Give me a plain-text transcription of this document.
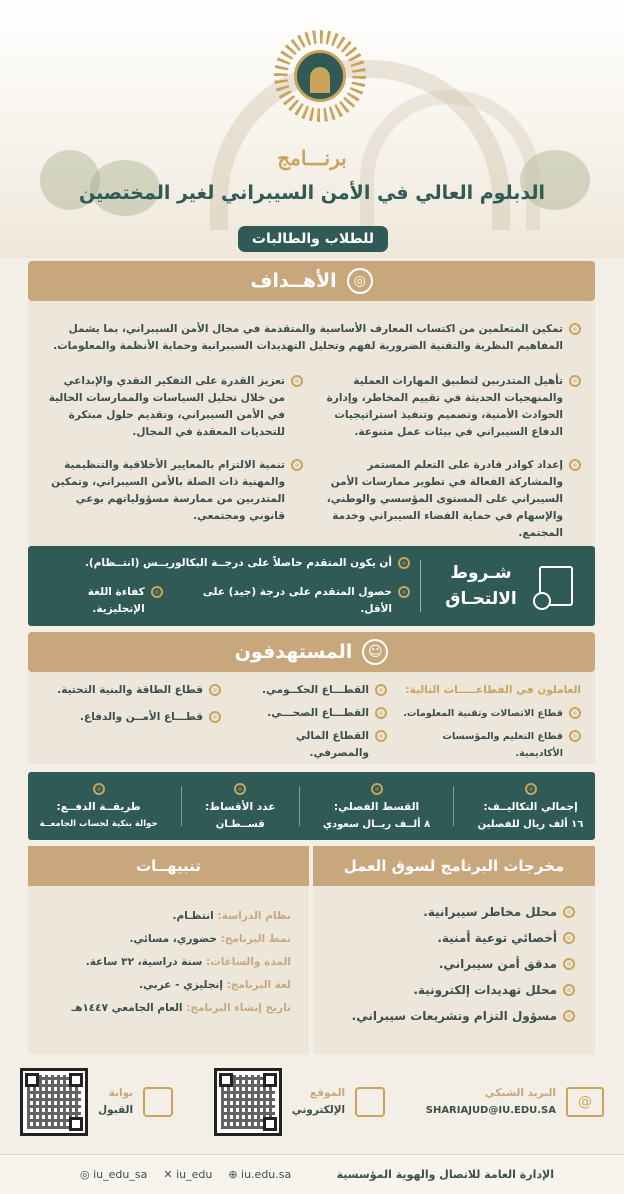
برنـــامج
الدبلوم العالي في الأمن السيبراني لغير المختصين
للطلاب والطالبات
◎
الأهــداف
تمكين المتعلمين من اكتساب المعارف الأساسية والمتقدمة في مجال الأمن السيبراني، بما يشمل المفاهيم النظرية والتقنية الضرورية لفهم وتحليل التهديدات السيبرانية وحماية الأنظمة والمعلومات.
تأهيل المتدربين لتطبيق المهارات العملية والمنهجيات الحديثة في تقييم المخاطر، وإدارة الحوادث الأمنية، وتصميم وتنفيذ استراتيجيات الدفاع السيبراني في بيئات عمل متنوعة.
تعزيز القدرة على التفكير النقدي والإبداعي من خلال تحليل السياسات والممارسات الحالية في الأمن السيبراني، وتقديم حلول مبتكرة للتحديات المعقدة في المجال.
إعداد كوادر قادرة على التعلم المستمر والمشاركة الفعالة في تطوير ممارسات الأمن السيبراني على المستوى المؤسسي والوطني، والإسهام في حماية الفضاء السيبراني وخدمة المجتمع.
تنمية الالتزام بالمعايير الأخلاقية والتنظيمية والمهنية ذات الصلة بالأمن السيبراني، وتمكين المتدربين من ممارسة مسؤولياتهم بوعي قانوني ومجتمعي.
شـروط
الالتحـاق
أن يكون المتقدم حاصلاً على درجــة البكالوريــس (انتــظام).
حصول المتقدم على درجة (جيد) على الأقل.
كفاءة اللغة الإنجليزية.
☺
المستهدفون
العاملون في القطاعـــــات التالية:
قطاع الاتصالات وتقنية المعلومات.
قطاع التعليم والمؤسسات الأكاديمية.
القطـــاع الحكــومي.
القطـــاع الصحـــي.
القطاع المالي والمصرفي.
قطاع الطاقة والبنية التحتية.
قطـــاع الأمــن والدفاع.
إجمالي التكاليــف:
١٦ ألف ريال للفصلين
القسط الفصلي:
٨ ألــف ريــال سعودي
عدد الأقساط:
قســطـان
طريقــة الدفــع:
حوالة بنكية لحساب الجامعــة
مخرجات البرنامج لسوق العمل
محلل مخاطر سيبرانية.
أخصائي توعية أمنية.
مدقق أمن سيبراني.
محلل تهديدات إلكترونية.
مسؤول التزام وتشريعات سيبراني.
تنبيهــات
نظام الدراسة: انتظـام.
نمط البرنامج: حضوري، مسائي.
المدة والساعات: سنة دراسية، ٣٢ ساعة.
لغة البرنامج: إنجليزي - عربي.
تاريخ إنشاء البرنامج: العام الجامعي ١٤٤٧هـ
@
البريد الشبكي
SHARIAJUD@IU.EDU.SA
الموقع
الإلكتروني
بوابة
القبول
الإدارة العامة للاتصال والهوية المؤسسية
◎ iu_edu_sa ✕ iu_edu ⊕ iu.edu.sa
